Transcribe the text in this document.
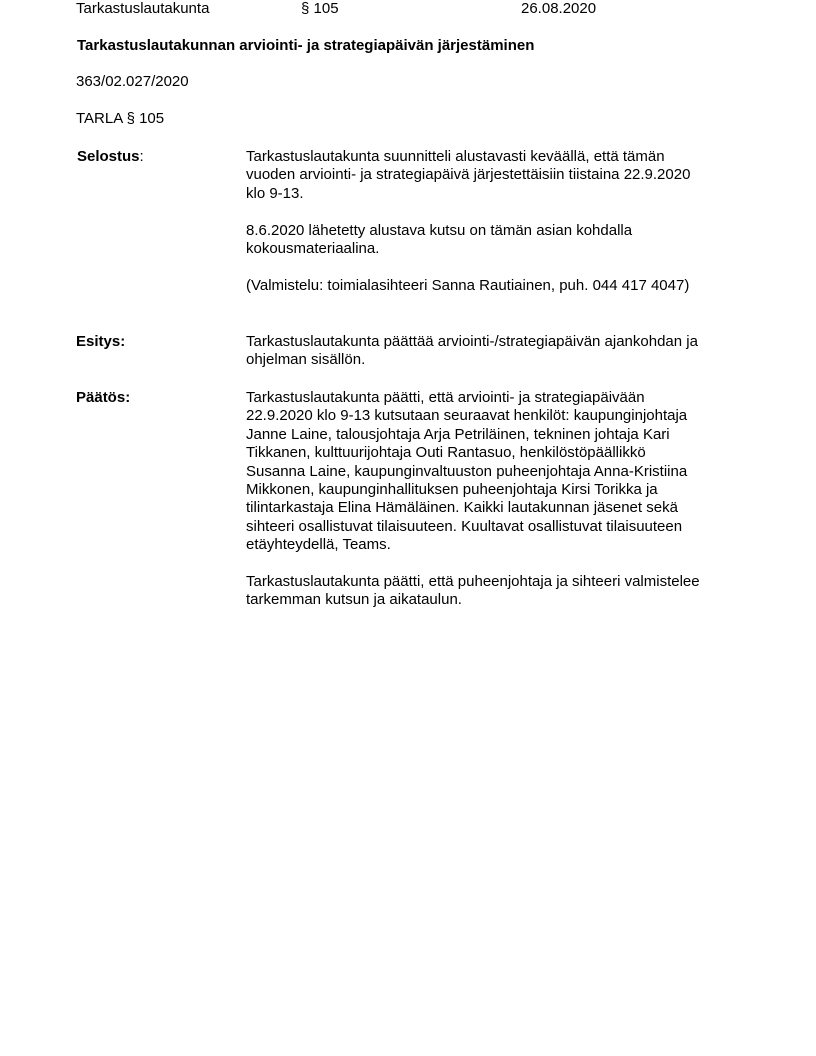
Tarkastuslautakunta	§ 105	26.08.2020
Tarkastuslautakunnan arviointi- ja strategiapäivän järjestäminen
363/02.027/2020
TARLA § 105
Selostus:	Tarkastuslautakunta suunnitteli alustavasti keväällä, että tämän
vuoden arviointi- ja strategiapäivä järjestettäisiin tiistaina 22.9.2020
klo 9-13.
8.6.2020 lähetetty alustava kutsu on tämän asian kohdalla
kokousmateriaalina.
(Valmistelu: toimialasihteeri Sanna Rautiainen, puh. 044 417 4047)
Esitys:	Tarkastuslautakunta päättää arviointi-/strategiapäivän ajankohdan ja
ohjelman sisällön.
Päätös:	Tarkastuslautakunta päätti, että arviointi- ja strategiapäivään
22.9.2020 klo 9-13 kutsutaan seuraavat henkilöt: kaupunginjohtaja
Janne Laine, talousjohtaja Arja Petriläinen, tekninen johtaja Kari
Tikkanen, kulttuurijohtaja Outi Rantasuo, henkilöstöpäällikkö
Susanna Laine, kaupunginvaltuuston puheenjohtaja Anna-Kristiina
Mikkonen, kaupunginhallituksen puheenjohtaja Kirsi Torikka ja
tilintarkastaja Elina Hämäläinen. Kaikki lautakunnan jäsenet sekä
sihteeri osallistuvat tilaisuuteen. Kuultavat osallistuvat tilaisuuteen
etäyhteydellä, Teams.
Tarkastuslautakunta päätti, että puheenjohtaja ja sihteeri valmistelee
tarkemman kutsun ja aikataulun.
